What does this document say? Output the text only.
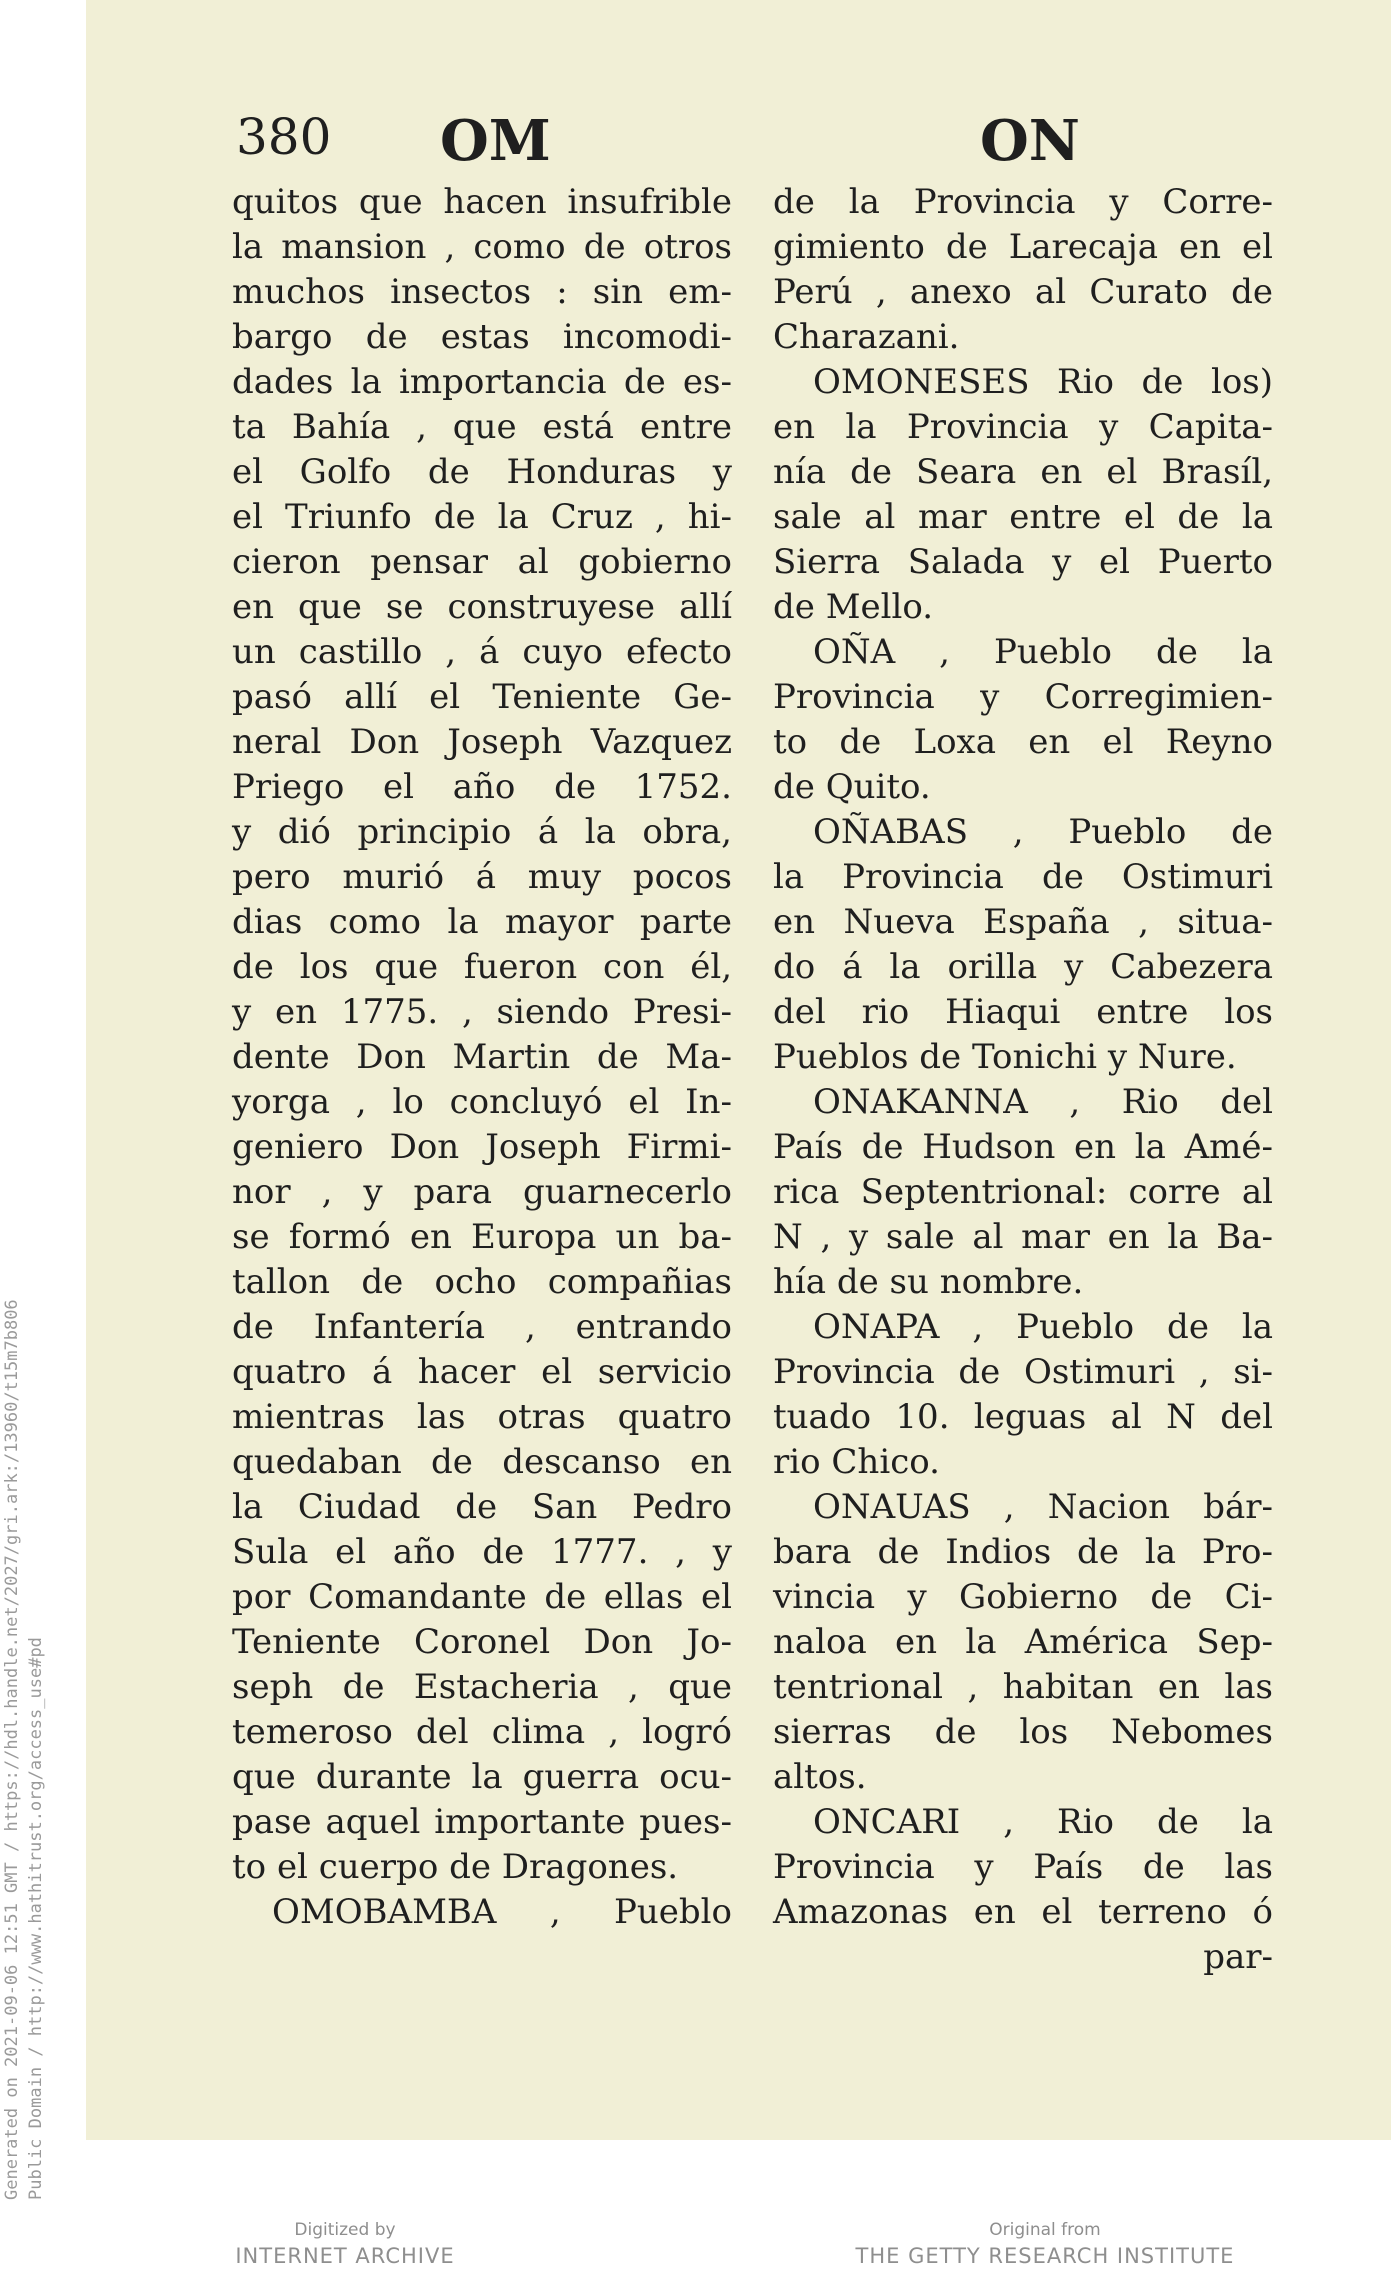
Generated on 2021-09-06 12:51 GMT / https://hdl.handle.net/2027/gri.ark:/13960/t15m7b806 Public Domain / http://www.hathitrust.org/access_use#pd
380 OM	ON
quitos que hacen insufrible
la mansion , como de otros
muchos insectos : sin em-
bargo de estas incomodi-
dades la importancia de es-
ta Bahía , que está entre
el Golfo de Honduras y
el Triunfo de la Cruz , hi-
cieron pensar al gobierno
en que se construyese allí
un castillo , á cuyo efecto
pasó allí el Teniente Ge-
neral Don Joseph Vazquez
Priego el año de 1752.
y dió principio á la obra,
pero murió á muy pocos
dias como la mayor parte
de los que fueron con él,
y en 1775. , siendo Presi-
dente Don Martin de Ma-
yorga , lo concluyó el In-
geniero Don Joseph Firmi-
nor , y para guarnecerlo
se formó en Europa un ba-
tallon de ocho compañias
de Infantería , entrando
quatro á hacer el servicio
mientras las otras quatro
quedaban de descanso en
la Ciudad de San Pedro
Sula el año de 1777. , y
por Comandante de ellas el
Teniente Coronel Don Jo-
seph de Estacheria , que
temeroso del clima , logró
que durante la guerra ocu-
pase aquel importante pues-
to el cuerpo de Dragones.
OMOBAMBA , Pueblo
de la Provincia y Corre-
gimiento de Larecaja en el
Perú , anexo al Curato de
Charazani.
OMONESES Rio de los)
en la Provincia y Capita-
nía de Seara en el Brasíl,
sale al mar entre el de la
Sierra Salada y el Puerto
de Mello.
OÑA , Pueblo de la
Provincia y Corregimien-
to de Loxa en el Reyno
de Quito.
OÑABAS , Pueblo de
la Provincia de Ostimuri
en Nueva España , situa-
do á la orilla y Cabezera
del rio Hiaqui entre los
Pueblos de Tonichi y Nure.
ONAKANNA , Rio del
País de Hudson en la Amé-
rica Septentrional: corre al
N , y sale al mar en la Ba-
hía de su nombre.
ONAPA , Pueblo de la
Provincia de Ostimuri , si-
tuado 10. leguas al N del
rio Chico.
ONAUAS , Nacion bár-
bara de Indios de la Pro-
vincia y Gobierno de Ci-
naloa en la América Sep-
tentrional , habitan en las
sierras de los Nebomes
altos.
ONCARI , Rio de la
Provincia y País de las
Amazonas en el terreno ó
par-
Digitized by
INTERNET ARCHIVE
Original from
THE GETTY RESEARCH INSTITUTE
